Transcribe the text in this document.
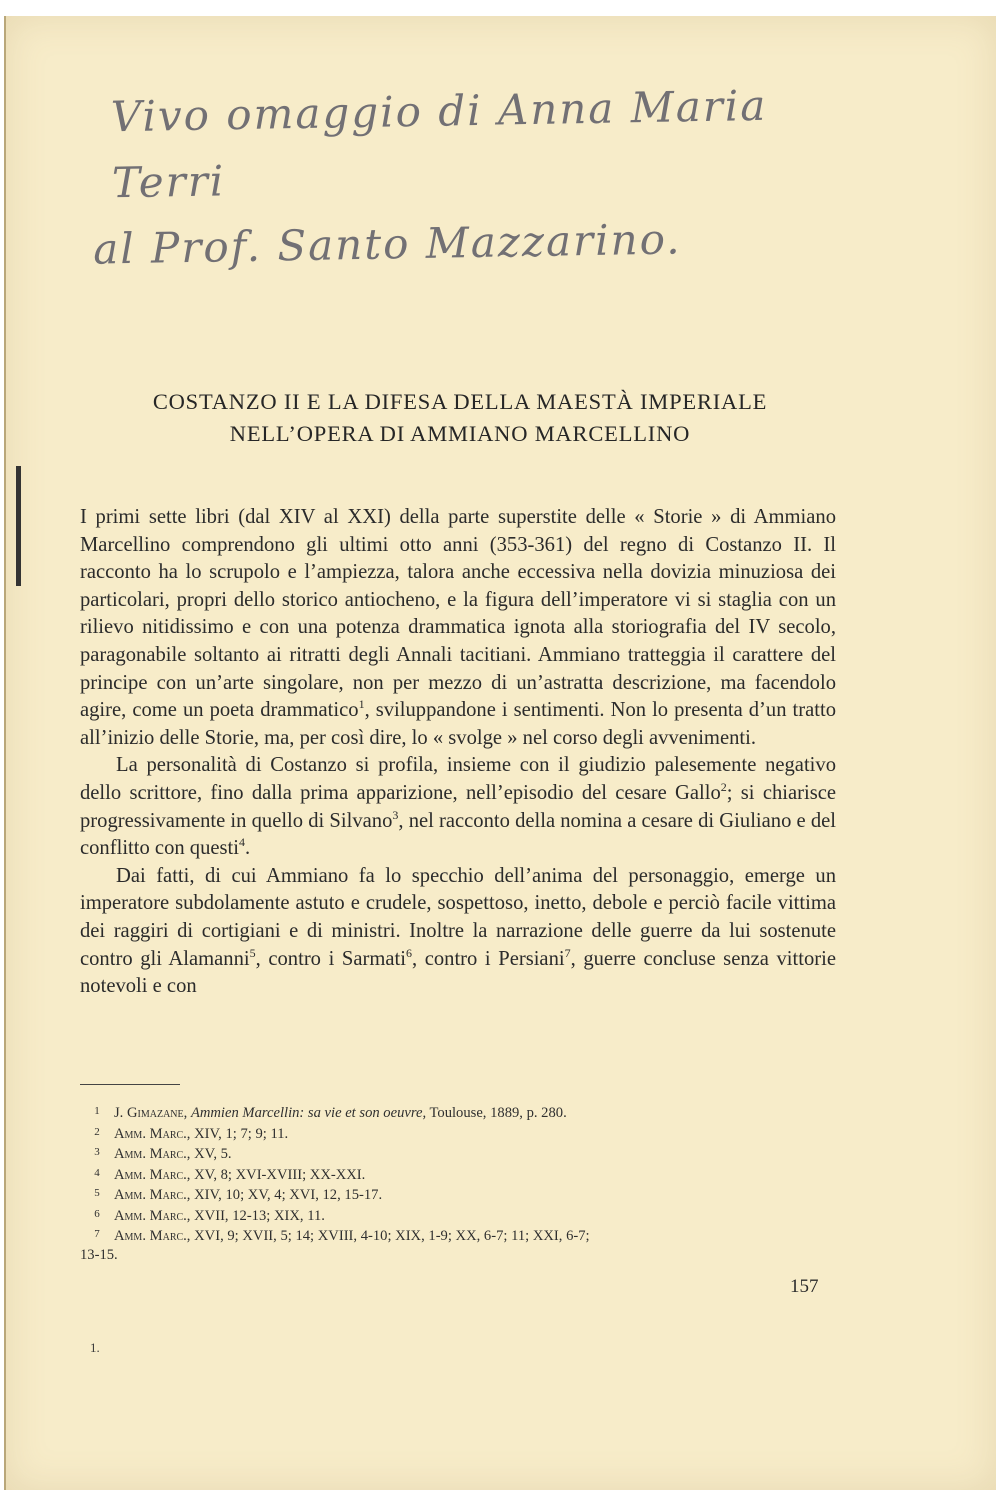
Vivo omaggio di Anna Maria Terri
al Prof. Santo Mazzarino.
COSTANZO II E LA DIFESA DELLA MAESTÀ IMPERIALE
NELL’OPERA DI AMMIANO MARCELLINO

I primi sette libri (dal XIV al XXI) della parte superstite delle « Storie » di Ammiano Marcellino comprendono gli ultimi otto anni (353-361) del regno di Costanzo II. Il racconto ha lo scrupolo e l’ampiezza, talora anche eccessiva nella dovizia minuziosa dei particolari, propri dello storico antiocheno, e la figura dell’imperatore vi si staglia con un rilievo nitidissimo e con una potenza drammatica ignota alla storiografia del IV secolo, paragonabile soltanto ai ritratti degli Annali tacitiani. Ammiano tratteggia il carattere del principe con un’arte singolare, non per mezzo di un’astratta descrizione, ma facendolo agire, come un poeta drammatico$^1$, sviluppandone i sentimenti. Non lo presenta d’un tratto all’inizio delle Storie, ma, per così dire, lo « svolge » nel corso degli avvenimenti.

La personalità di Costanzo si profila, insieme con il giudizio palesemente negativo dello scrittore, fino dalla prima apparizione, nell’episodio del cesare Gallo$^2$; si chiarisce progressivamente in quello di Silvano$^3$, nel racconto della nomina a cesare di Giuliano e del conflitto con questi$^4$.

Dai fatti, di cui Ammiano fa lo specchio dell’anima del personaggio, emerge un imperatore subdolamente astuto e crudele, sospettoso, inetto, debole e perciò facile vittima dei raggiri di cortigiani e di ministri. Inoltre la narrazione delle guerre da lui sostenute contro gli Alamanni$^5$, contro i Sarmati$^6$, contro i Persiani$^7$, guerre concluse senza vittorie notevoli e con

1 J. Gimazane, Ammien Marcellin: sa vie et son oeuvre, Toulouse, 1889, p. 280.

2 Amm. Marc., XIV, 1; 7; 9; 11.

3 Amm. Marc., XV, 5.

4 Amm. Marc., XV, 8; XVI-XVIII; XX-XXI.

5 Amm. Marc., XIV, 10; XV, 4; XVI, 12, 15-17.

6 Amm. Marc., XVII, 12-13; XIX, 11.

7 Amm. Marc., XVI, 9; XVII, 5; 14; XVIII, 4-10; XIX, 1-9; XX, 6-7; 11; XXI, 6-7;
13-15.

157
1.
